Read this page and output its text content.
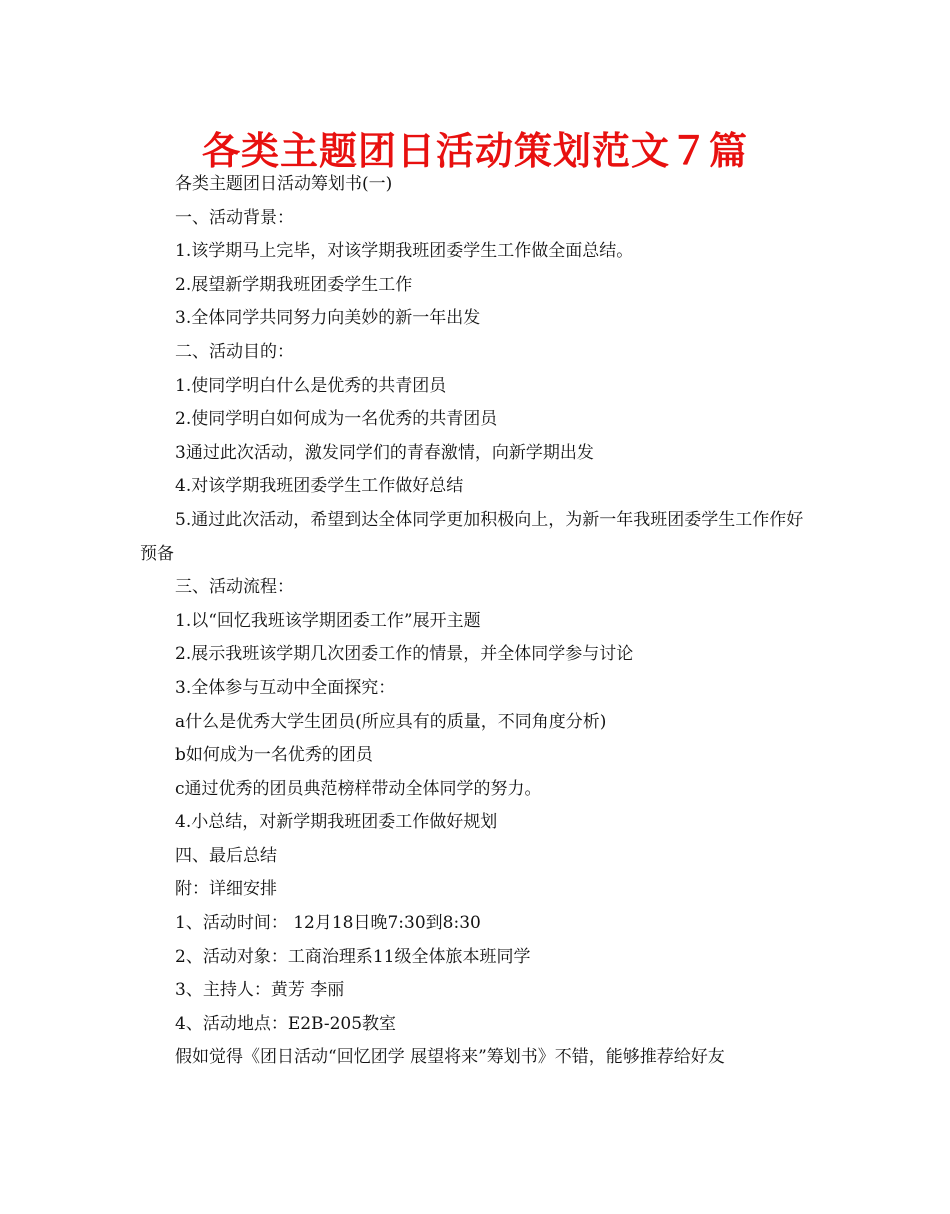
各类主题团日活动策划范文７篇

各类主题团日活动筹划书(一)

一、活动背景：

1.该学期马上完毕，对该学期我班团委学生工作做全面总结。

2.展望新学期我班团委学生工作

3.全体同学共同努力向美妙的新一年出发

二、活动目的：

1.使同学明白什么是优秀的共青团员

2.使同学明白如何成为一名优秀的共青团员

3通过此次活动，激发同学们的青春激情，向新学期出发

4.对该学期我班团委学生工作做好总结

5.通过此次活动，希望到达全体同学更加积极向上，为新一年我班团委学生工作作好预备

三、活动流程：

1.以“回忆我班该学期团委工作”展开主题

2.展示我班该学期几次团委工作的情景，并全体同学参与讨论

3.全体参与互动中全面探究：

a什么是优秀大学生团员(所应具有的质量，不同角度分析)

b如何成为一名优秀的团员

c通过优秀的团员典范榜样带动全体同学的努力。

4.小总结，对新学期我班团委工作做好规划

四、最后总结

附：详细安排

1、活动时间： 12月18日晚7:30到8:30

2、活动对象：工商治理系11级全体旅本班同学

3、主持人：黄芳 李丽

4、活动地点：E2B-205教室

假如觉得《团日活动“回忆团学 展望将来”筹划书》不错，能够推荐给好友
